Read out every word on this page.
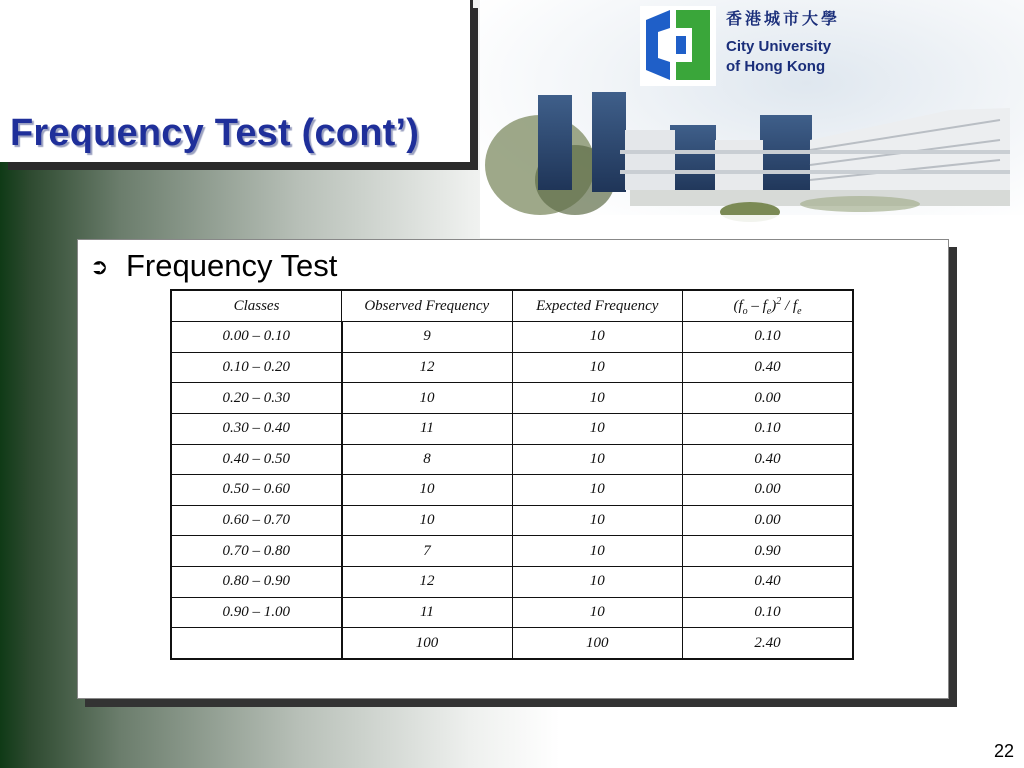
Frequency Test (cont’)
香港城市大學
City University
of Hong Kong
➲ Frequency Test
Classes	Observed Frequency	Expected Frequency	$(f_o - f_e)^2 / f_e$
0.00 – 0.10	9	10	0.10
0.10 – 0.20	12	10	0.40
0.20 – 0.30	10	10	0.00
0.30 – 0.40	11	10	0.10
0.40 – 0.50	8	10	0.40
0.50 – 0.60	10	10	0.00
0.60 – 0.70	10	10	0.00
0.70 – 0.80	7	10	0.90
0.80 – 0.90	12	10	0.40
0.90 – 1.00	11	10	0.10
	100	100	2.40
22
